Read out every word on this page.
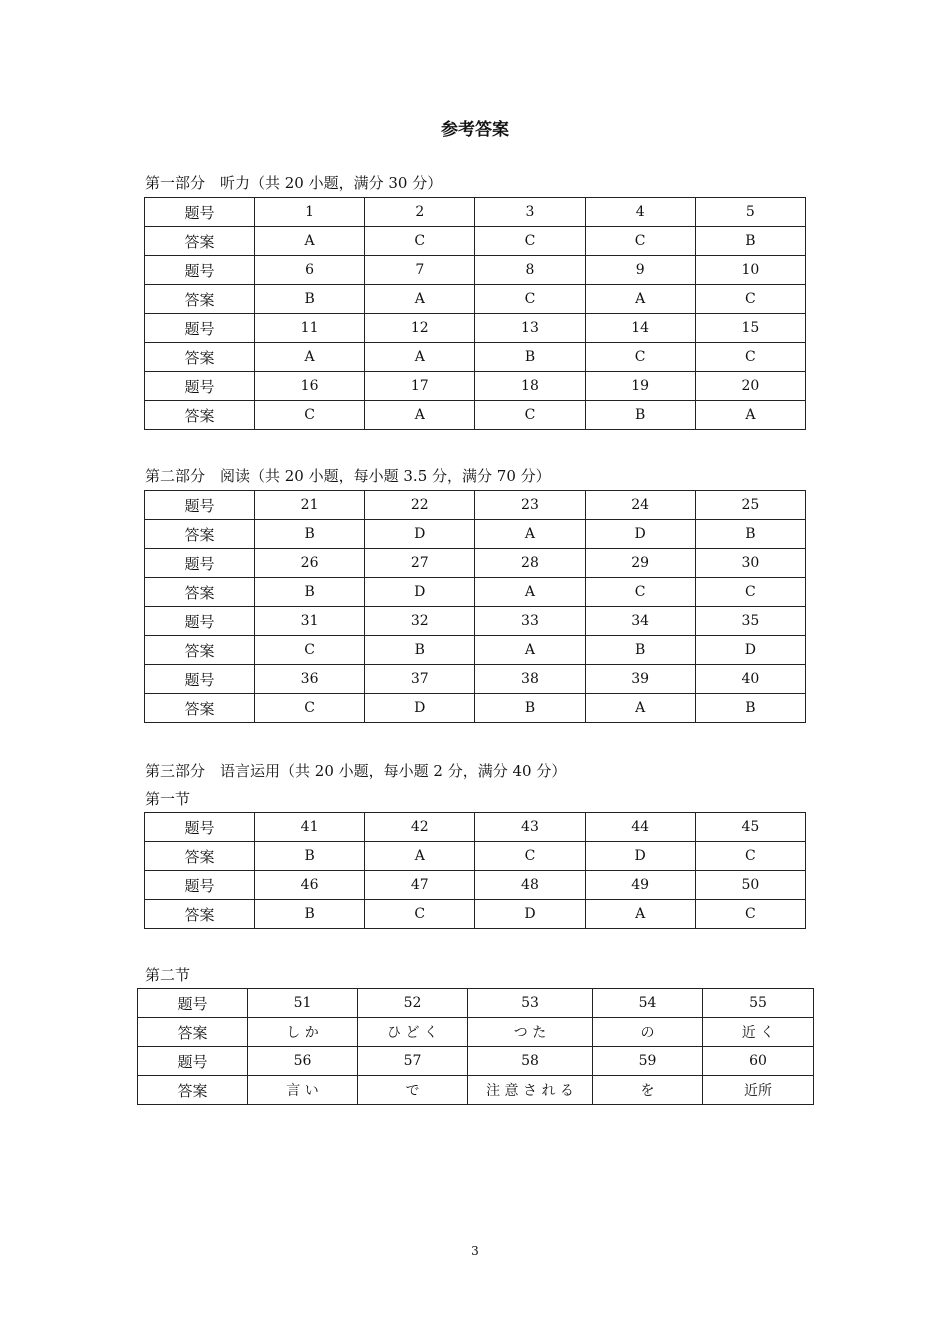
参考答案
第一部分　听力（共 20 小题，满分 30 分）
题号	1	2	3	4	5
答案	A	C	C	C	B
题号	6	7	8	9	10
答案	B	A	C	A	C
题号	11	12	13	14	15
答案	A	A	B	C	C
题号	16	17	18	19	20
答案	C	A	C	B	A
第二部分　阅读（共 20 小题，每小题 3.5 分，满分 70 分）
题号	21	22	23	24	25
答案	B	D	A	D	B
题号	26	27	28	29	30
答案	B	D	A	C	C
题号	31	32	33	34	35
答案	C	B	A	B	D
题号	36	37	38	39	40
答案	C	D	B	A	B
第三部分　语言运用（共 20 小题，每小题 2 分，满分 40 分）
第一节
题号	41	42	43	44	45
答案	B	A	C	D	C
题号	46	47	48	49	50
答案	B	C	D	A	C
第二节
题号	51	52	53	54	55
答案	し か	ひ ど く	つ た	の	近 く
题号	56	57	58	59	60
答案	言 い	で	注 意 さ れ る	を	近所
3
